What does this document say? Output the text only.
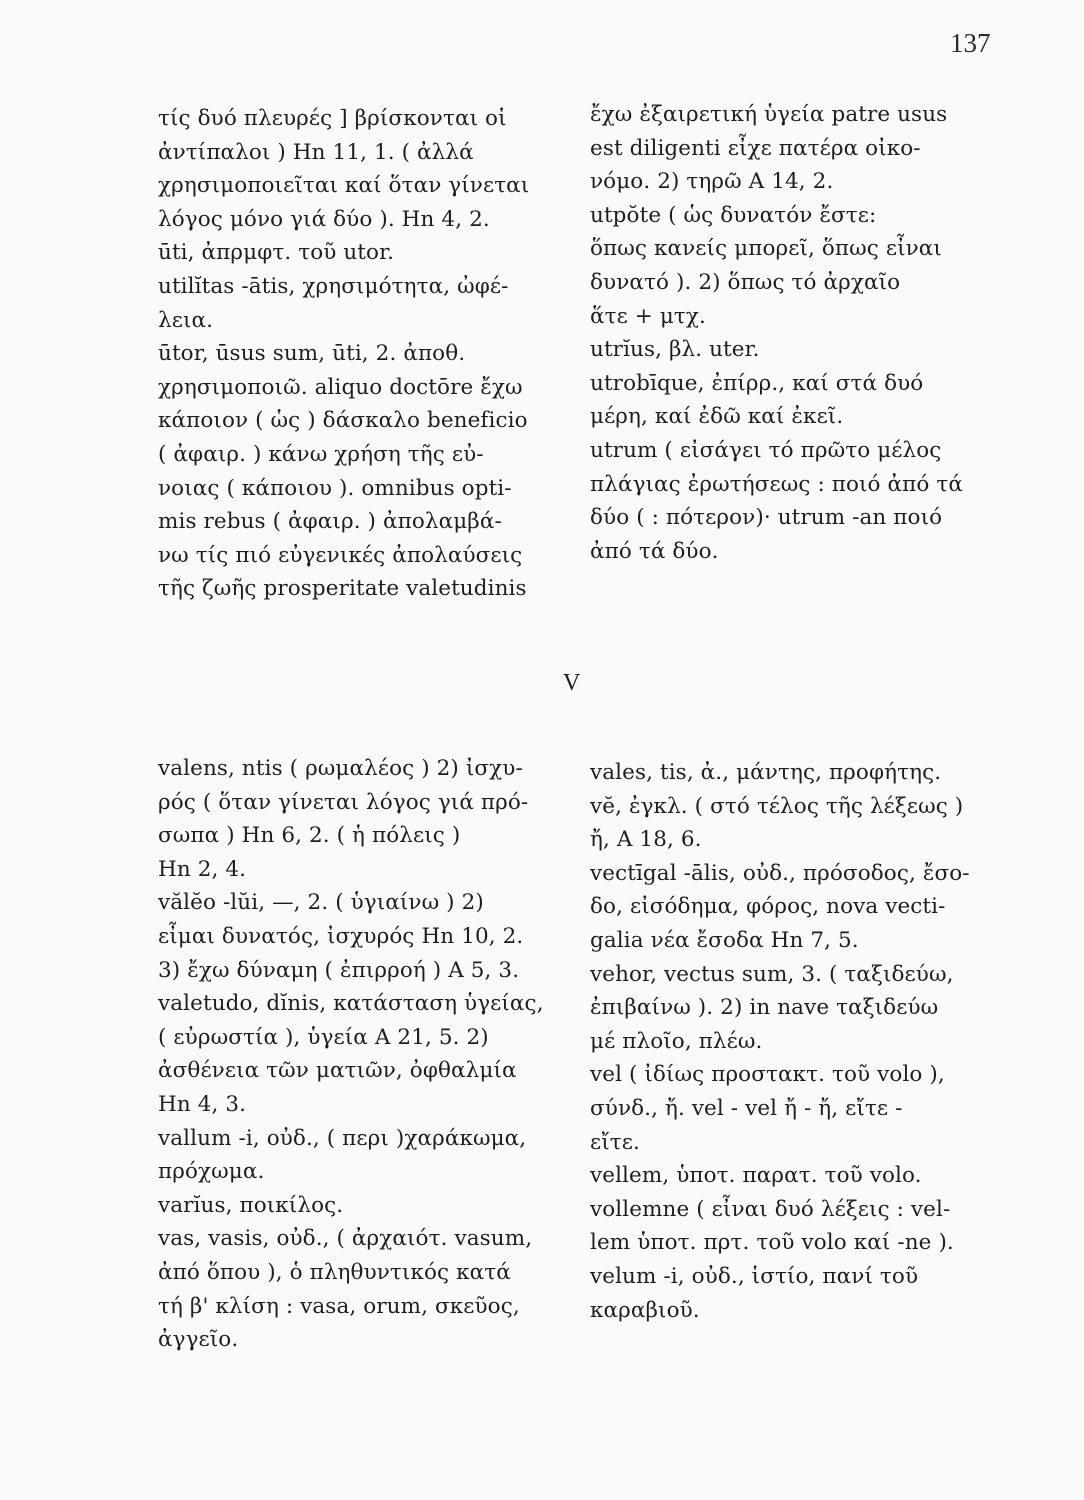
137
τίς δυό πλευρές ] βρίσκονται οἱ
ἀντίπαλοι ) Hn 11, 1. ( ἀλλά
χρησιμοποιεῖται καί ὅταν γίνεται
λόγος μόνο γιά δύο ). Hn 4, 2.
ūti, ἀπρμφτ. τοῦ utor.
utilĭtas -ātis, χρησιμότητα, ὠφέ-
λεια.
ūtor, ūsus sum, ūti, 2. ἀποθ.
χρησιμοποιῶ. aliquo doctōre ἔχω
κάποιον ( ὡς ) δάσκαλο beneficio
( ἀφαιρ. ) κάνω χρήση τῆς εὐ-
νοιας ( κάποιου ). omnibus opti-
mis rebus ( ἀφαιρ. ) ἀπολαμβά-
νω τίς πιό εὐγενικές ἀπολαύσεις
τῆς ζωῆς prosperitate valetudinis
ἔχω ἐξαιρετική ὑγεία patre usus
est diligenti εἶχε πατέρα οἰκο-
νόμο. 2) τηρῶ A 14, 2.
utpŏte ( ὡς δυνατόν ἔστε:
ὅπως κανείς μπορεῖ, ὅπως εἶναι
δυνατό ). 2) ὅπως τό ἀρχαῖο
ἅτε + μτχ.
utrĭus, βλ. uter.
utrobīque, ἐπίρρ., καί στά δυό
μέρη, καί ἐδῶ καί ἐκεῖ.
utrum ( εἰσάγει τό πρῶτο μέλος
πλάγιας ἐρωτήσεως : ποιό ἀπό τά
δύο ( : πότερον)· utrum -an ποιό
ἀπό τά δύο.
V
valens, ntis ( ρωμαλέος ) 2) ἰσχυ-
ρός ( ὅταν γίνεται λόγος γιά πρό-
σωπα ) Hn 6, 2. ( ἡ πόλεις )
Hn 2, 4.
vălĕo -lŭi, —, 2. ( ὑγιαίνω ) 2)
εἶμαι δυνατός, ἰσχυρός Hn 10, 2.
3) ἔχω δύναμη ( ἐπιρροή ) A 5, 3.
valetudo, dĭnis, κατάσταση ὑγείας,
( εὐρωστία ), ὑγεία A 21, 5. 2)
ἀσθένεια τῶν ματιῶν, ὀφθαλμία
Hn 4, 3.
vallum -i, οὐδ., ( περι )χαράκωμα,
πρόχωμα.
varĭus, ποικίλος.
vas, vasis, οὐδ., ( ἀρχαιότ. vasum,
ἀπό ὅπου ), ὁ πληθυντικός κατά
τή β' κλίση : vasa, orum, σκεῦος,
ἀγγεῖο.
vales, tis, ἀ., μάντης, προφήτης.
vĕ, ἐγκλ. ( στό τέλος τῆς λέξεως )
ἤ, A 18, 6.
vectīgal -ālis, οὐδ., πρόσοδος, ἔσο-
δο, εἰσόδημα, φόρος, nova vecti-
galia νέα ἔσοδα Hn 7, 5.
vehor, vectus sum, 3. ( ταξιδεύω,
ἐπιβαίνω ). 2) in nave ταξιδεύω
μέ πλοῖο, πλέω.
vel ( ἰδίως προστακτ. τοῦ volo ),
σύνδ., ἤ. vel - vel ἤ - ἤ, εἴτε -
εἴτε.
vellem, ὑποτ. παρατ. τοῦ volo.
vollemne ( εἶναι δυό λέξεις : vel-
lem ὑποτ. πρτ. τοῦ volo καί -ne ).
velum -i, οὐδ., ἱστίο, πανί τοῦ
καραβιοῦ.
